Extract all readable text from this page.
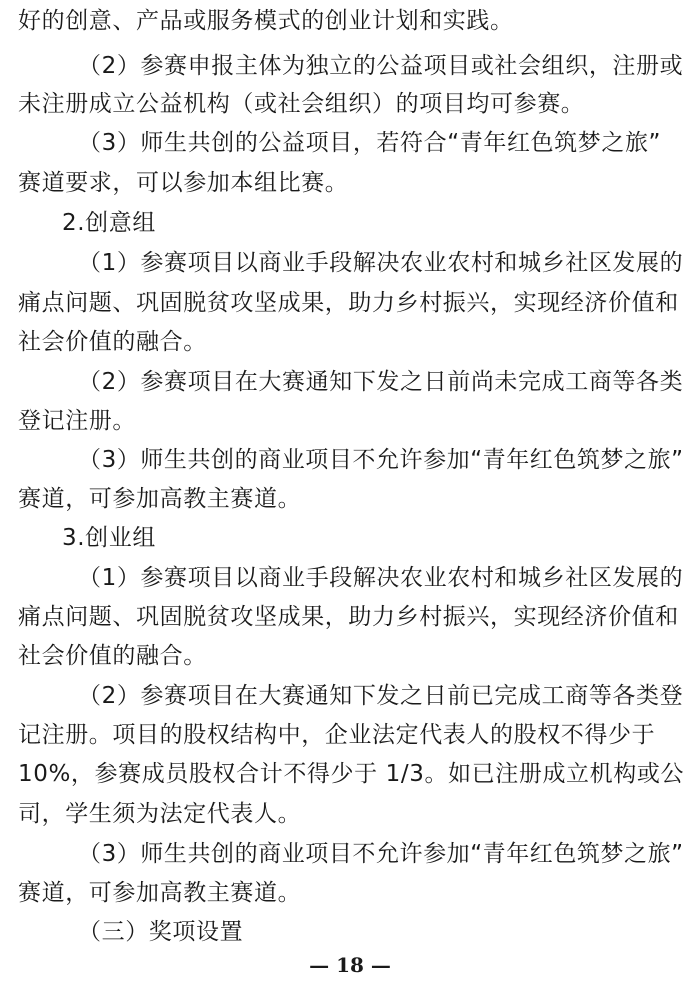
好的创意、产品或服务模式的创业计划和实践。
（2）参赛申报主体为独立的公益项目或社会组织，注册或
未注册成立公益机构（或社会组织）的项目均可参赛。
（3）师生共创的公益项目，若符合“青年红色筑梦之旅”
赛道要求，可以参加本组比赛。
2.创意组
（1）参赛项目以商业手段解决农业农村和城乡社区发展的
痛点问题、巩固脱贫攻坚成果，助力乡村振兴，实现经济价值和
社会价值的融合。
（2）参赛项目在大赛通知下发之日前尚未完成工商等各类
登记注册。
（3）师生共创的商业项目不允许参加“青年红色筑梦之旅”
赛道，可参加高教主赛道。
3.创业组
（1）参赛项目以商业手段解决农业农村和城乡社区发展的
痛点问题、巩固脱贫攻坚成果，助力乡村振兴，实现经济价值和
社会价值的融合。
（2）参赛项目在大赛通知下发之日前已完成工商等各类登
记注册。项目的股权结构中，企业法定代表人的股权不得少于
10%，参赛成员股权合计不得少于 1/3。如已注册成立机构或公
司，学生须为法定代表人。
（3）师生共创的商业项目不允许参加“青年红色筑梦之旅”
赛道，可参加高教主赛道。
（三）奖项设置
— 18 —
